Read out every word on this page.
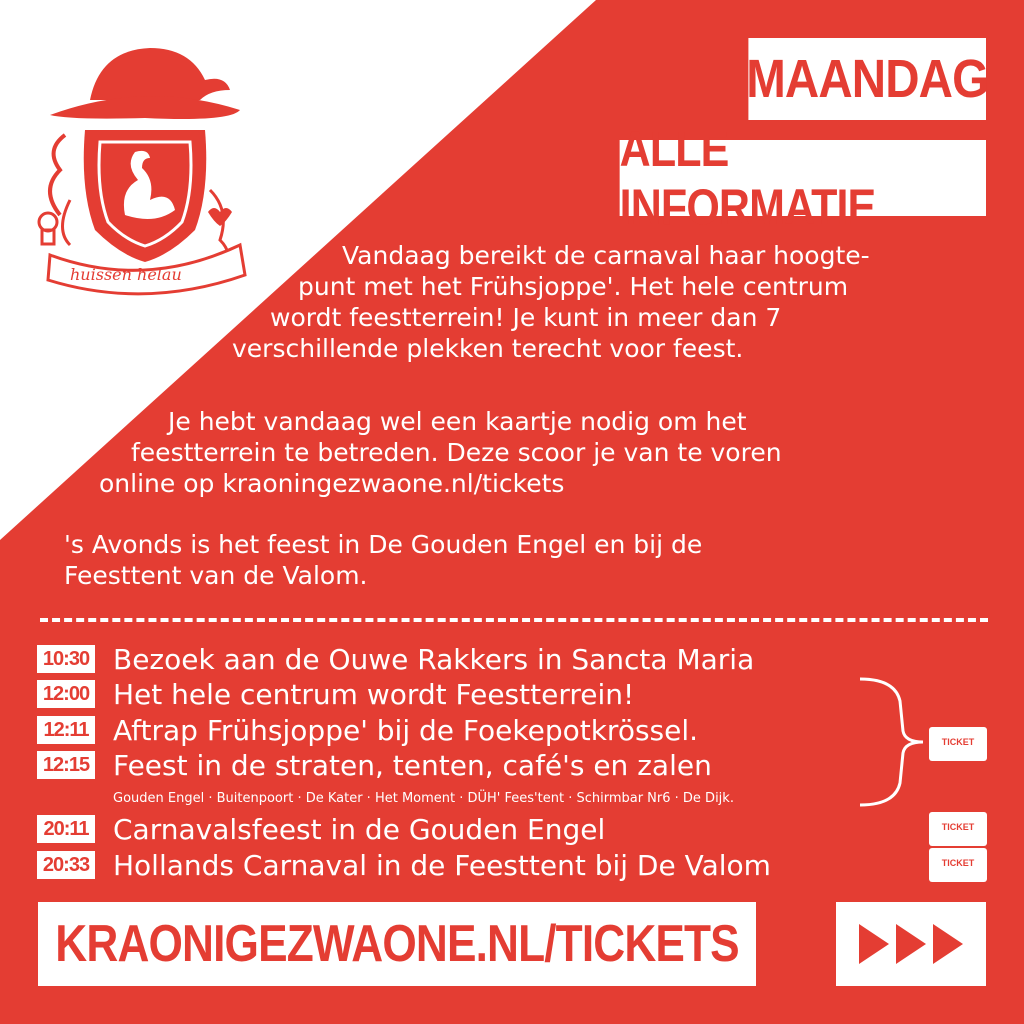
huissen helau
MAANDAG
ALLE INFORMATIE
Vandaag bereikt de carnaval haar hoogte-
punt met het Frühsjoppe'. Het hele centrum
wordt feestterrein! Je kunt in meer dan 7
verschillende plekken terecht voor feest.
Je hebt vandaag wel een kaartje nodig om het
feestterrein te betreden. Deze scoor je van te voren
online op kraoningezwaone.nl/tickets
's Avonds is het feest in De Gouden Engel en bij de
Feesttent van de Valom.
10:30 Bezoek aan de Ouwe Rakkers in Sancta Maria
12:00 Het hele centrum wordt Feestterrein!
12:11 Aftrap Frühsjoppe' bij de Foekepotkrössel.
12:15 Feest in de straten, tenten, café's en zalen
Gouden Engel · Buitenpoort · De Kater · Het Moment · DÜH' Fees'tent · Schirmbar Nr6 · De Dijk.
20:11 Carnavalsfeest in de Gouden Engel
20:33 Hollands Carnaval in de Feesttent bij De Valom
TICKET
TICKET
TICKET
KRAONIGEZWAONE.NL/TICKETS
